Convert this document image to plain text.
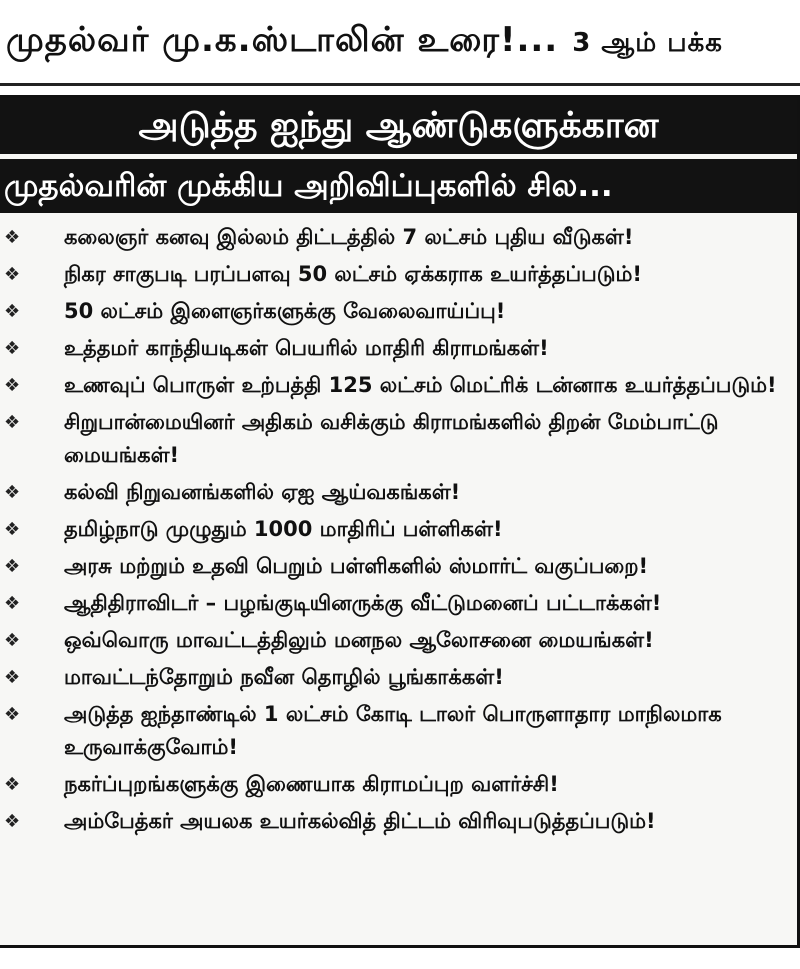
முதல்வர் மு.க.ஸ்டாலின் உரை!... 3 ஆம் பக்க
அடுத்த ஐந்து ஆண்டுகளுக்கான
முதல்வரின் முக்கிய அறிவிப்புகளில் சில...
❖	கலைஞர் கனவு இல்லம் திட்டத்தில் 7 லட்சம் புதிய வீடுகள்!
❖	நிகர சாகுபடி பரப்பளவு 50 லட்சம் ஏக்கராக உயர்த்தப்படும்!
❖	50 லட்சம் இளைஞர்களுக்கு வேலைவாய்ப்பு!
❖	உத்தமர் காந்தியடிகள் பெயரில் மாதிரி கிராமங்கள்!
❖	உணவுப் பொருள் உற்பத்தி 125 லட்சம் மெட்ரிக் டன்னாக உயர்த்தப்படும்!
❖	சிறுபான்மையினர் அதிகம் வசிக்கும் கிராமங்களில் திறன் மேம்பாட்டு மையங்கள்!
❖	கல்வி நிறுவனங்களில் ஏஐ ஆய்வகங்கள்!
❖	தமிழ்நாடு முழுதும் 1000 மாதிரிப் பள்ளிகள்!
❖	அரசு மற்றும் உதவி பெறும் பள்ளிகளில் ஸ்மார்ட் வகுப்பறை!
❖	ஆதிதிராவிடர் – பழங்குடியினருக்கு வீட்டுமனைப் பட்டாக்கள்!
❖	ஒவ்வொரு மாவட்டத்திலும் மனநல ஆலோசனை மையங்கள்!
❖	மாவட்டந்தோறும் நவீன தொழில் பூங்காக்கள்!
❖	அடுத்த ஐந்தாண்டில் 1 லட்சம் கோடி டாலர் பொருளாதார மாநிலமாக உருவாக்குவோம்!
❖	நகர்ப்புறங்களுக்கு இணையாக கிராமப்புற வளர்ச்சி!
❖	அம்பேத்கர் அயலக உயர்கல்வித் திட்டம் விரிவுபடுத்தப்படும்!
